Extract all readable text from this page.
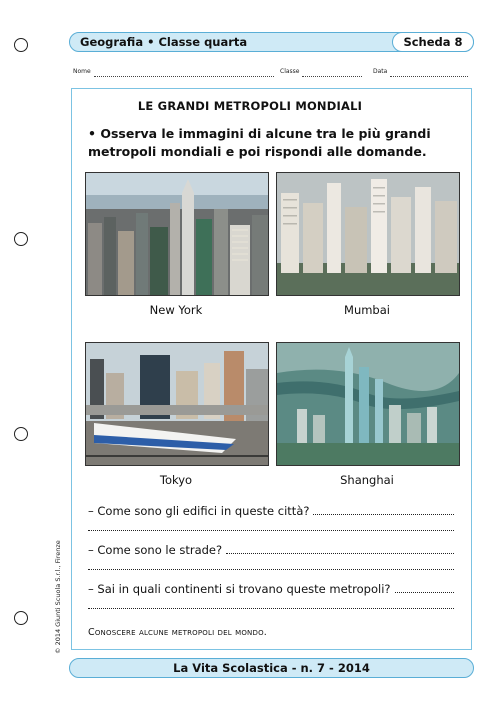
Geografia • Classe quarta	Scheda 8
Nome	Classe	Data
LE GRANDI METROPOLI MONDIALI
• Osserva le immagini di alcune tra le più grandi metropoli mondiali e poi rispondi alle domande.
New York	Mumbai
Tokyo	Shanghai
– Come sono gli edifici in queste città?
– Come sono le strade?
– Sai in quali continenti si trovano queste metropoli?
Conoscere alcune metropoli del mondo.
© 2014 Giunti Scuola S.r.l., Firenze
La Vita Scolastica - n. 7 - 2014
